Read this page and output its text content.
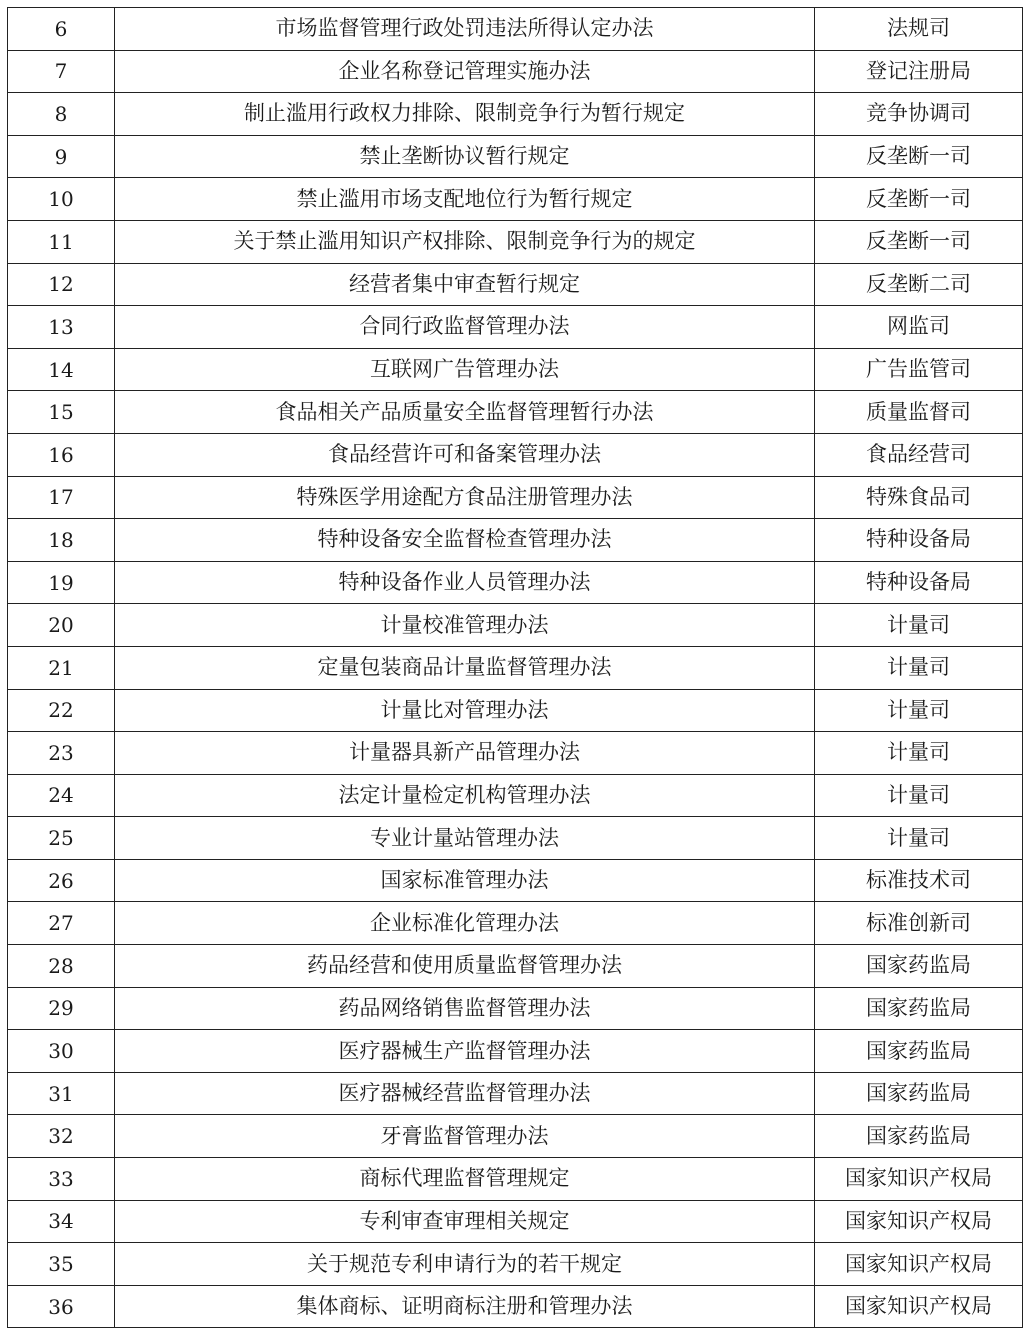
6	市场监督管理行政处罚违法所得认定办法	法规司
7	企业名称登记管理实施办法	登记注册局
8	制止滥用行政权力排除、限制竞争行为暂行规定	竞争协调司
9	禁止垄断协议暂行规定	反垄断一司
10	禁止滥用市场支配地位行为暂行规定	反垄断一司
11	关于禁止滥用知识产权排除、限制竞争行为的规定	反垄断一司
12	经营者集中审查暂行规定	反垄断二司
13	合同行政监督管理办法	网监司
14	互联网广告管理办法	广告监管司
15	食品相关产品质量安全监督管理暂行办法	质量监督司
16	食品经营许可和备案管理办法	食品经营司
17	特殊医学用途配方食品注册管理办法	特殊食品司
18	特种设备安全监督检查管理办法	特种设备局
19	特种设备作业人员管理办法	特种设备局
20	计量校准管理办法	计量司
21	定量包装商品计量监督管理办法	计量司
22	计量比对管理办法	计量司
23	计量器具新产品管理办法	计量司
24	法定计量检定机构管理办法	计量司
25	专业计量站管理办法	计量司
26	国家标准管理办法	标准技术司
27	企业标准化管理办法	标准创新司
28	药品经营和使用质量监督管理办法	国家药监局
29	药品网络销售监督管理办法	国家药监局
30	医疗器械生产监督管理办法	国家药监局
31	医疗器械经营监督管理办法	国家药监局
32	牙膏监督管理办法	国家药监局
33	商标代理监督管理规定	国家知识产权局
34	专利审查审理相关规定	国家知识产权局
35	关于规范专利申请行为的若干规定	国家知识产权局
36	集体商标、证明商标注册和管理办法	国家知识产权局
